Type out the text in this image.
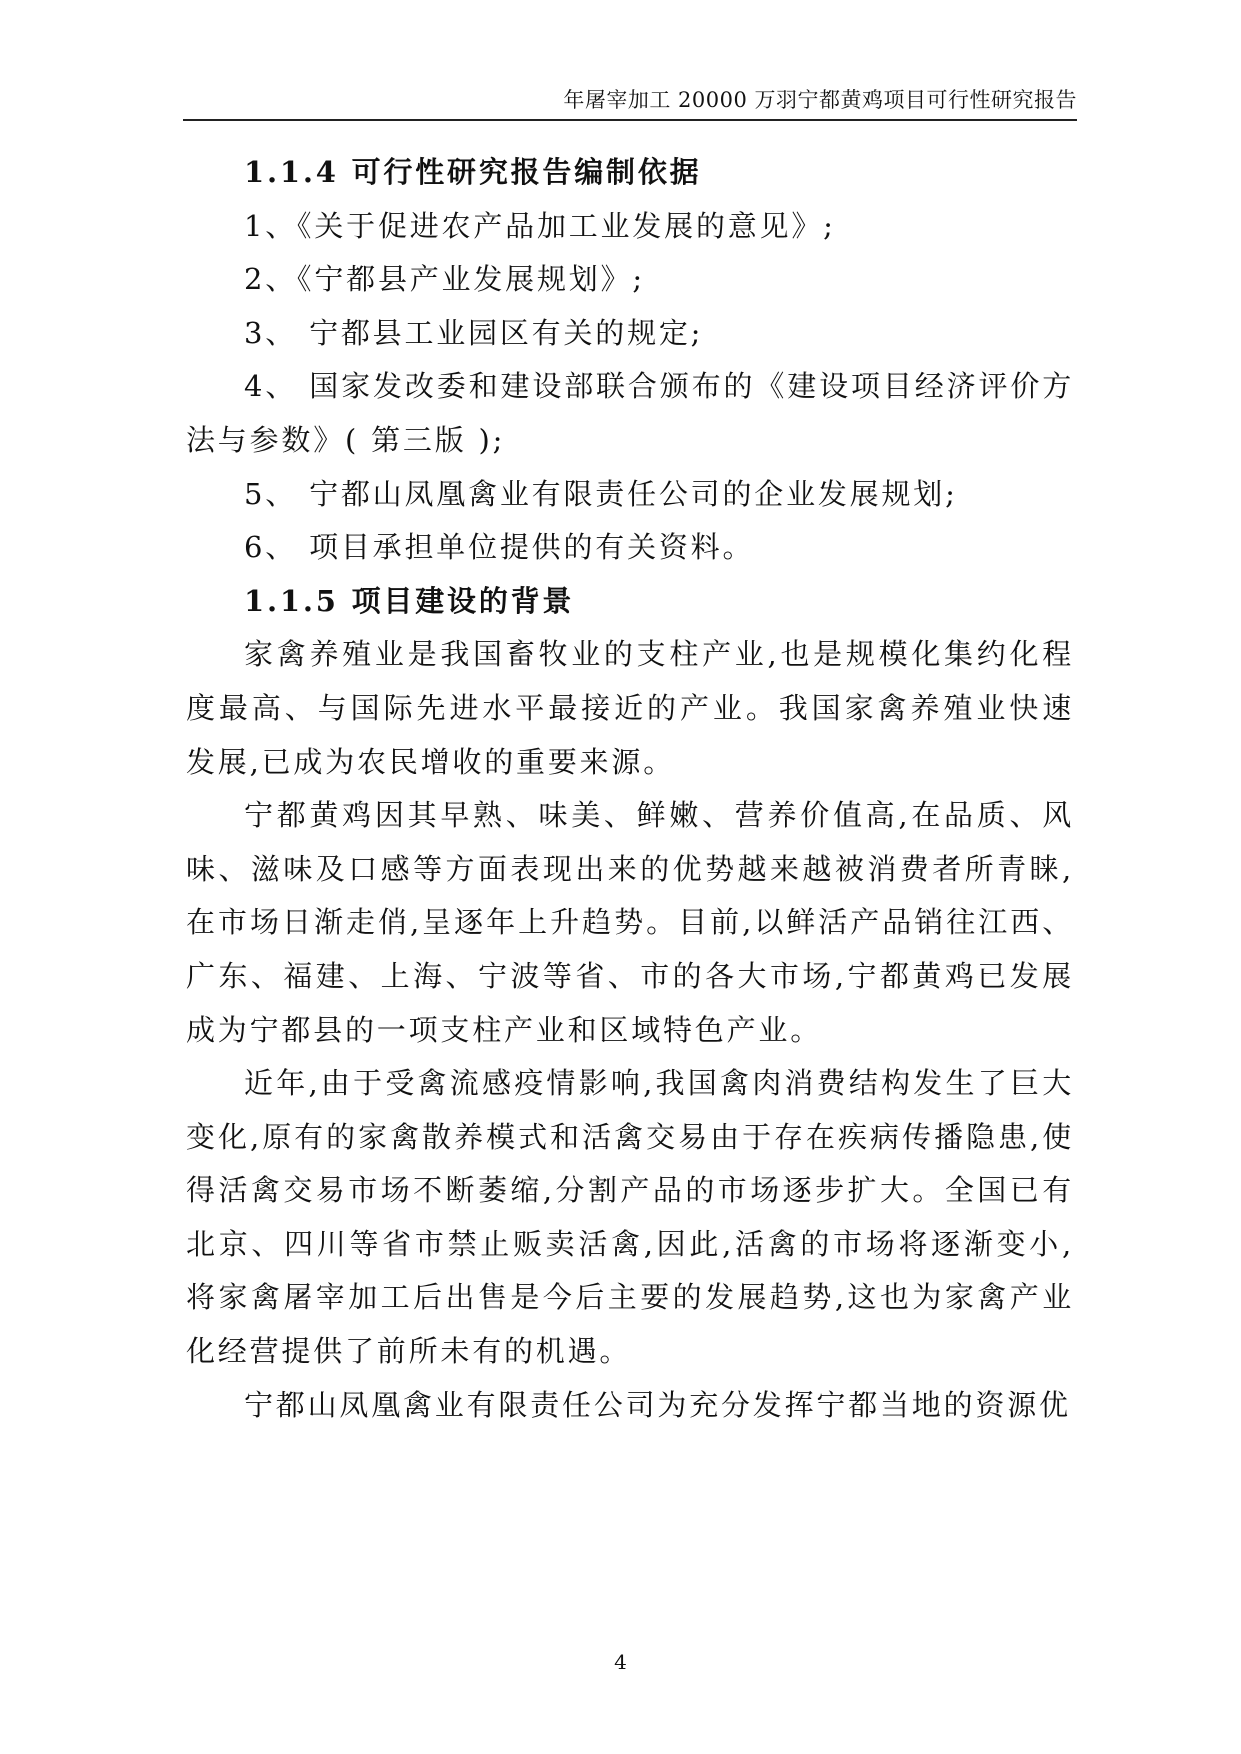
年屠宰加工 20000 万羽宁都黄鸡项目可行性研究报告

1.1.4 可行性研究报告编制依据

1、《关于促进农产品加工业发展的意见》;

2、《宁都县产业发展规划》;

3、 宁都县工业园区有关的规定;

4、 国家发改委和建设部联合颁布的《建设项目经济评价方法与参数》( 第三版 );

5、 宁都山凤凰禽业有限责任公司的企业发展规划;

6、 项目承担单位提供的有关资料。

1.1.5 项目建设的背景

家禽养殖业是我国畜牧业的支柱产业,也是规模化集约化程度最高、与国际先进水平最接近的产业。我国家禽养殖业快速发展,已成为农民增收的重要来源。

宁都黄鸡因其早熟、味美、鲜嫩、营养价值高,在品质、风味、滋味及口感等方面表现出来的优势越来越被消费者所青睐,在市场日渐走俏,呈逐年上升趋势。目前,以鲜活产品销往江西、广东、福建、上海、宁波等省、市的各大市场,宁都黄鸡已发展成为宁都县的一项支柱产业和区域特色产业。

近年,由于受禽流感疫情影响,我国禽肉消费结构发生了巨大变化,原有的家禽散养模式和活禽交易由于存在疾病传播隐患,使得活禽交易市场不断萎缩,分割产品的市场逐步扩大。全国已有北京、四川等省市禁止贩卖活禽,因此,活禽的市场将逐渐变小,将家禽屠宰加工后出售是今后主要的发展趋势,这也为家禽产业化经营提供了前所未有的机遇。

宁都山凤凰禽业有限责任公司为充分发挥宁都当地的资源优

4
